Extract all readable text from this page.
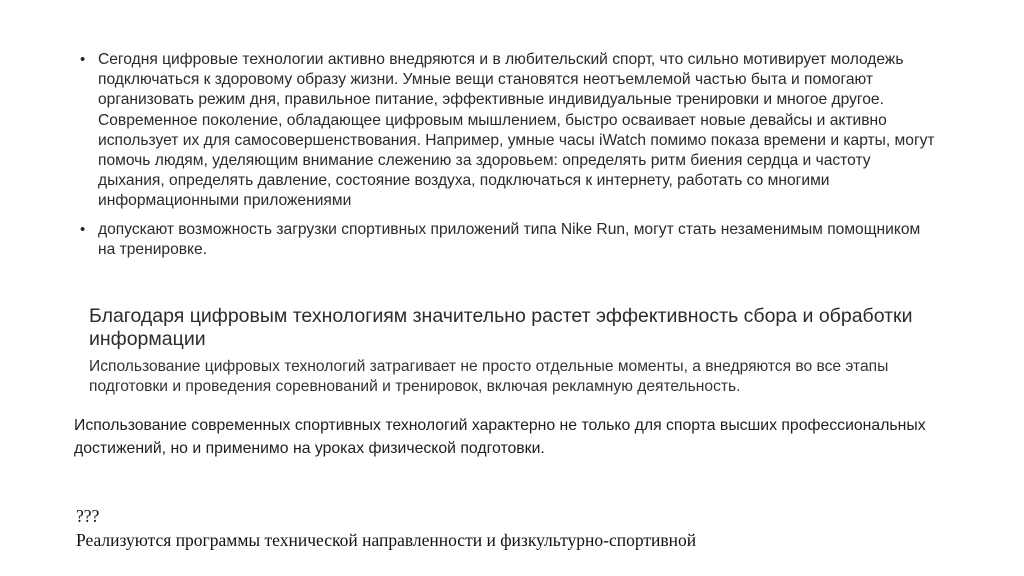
• Сегодня цифровые технологии активно внедряются и в любительский спорт, что сильно мотивирует молодежь подключаться к здоровому образу жизни. Умные вещи становятся неотъемлемой частью быта и помогают организовать режим дня, правильное питание, эффективные индивидуальные тренировки и многое другое. Современное поколение, обладающее цифровым мышлением, быстро осваивает новые девайсы и активно использует их для самосовершенствования. Например, умные часы iWatch помимо показа времени и карты, могут помочь людям, уделяющим внимание слежению за здоровьем: определять ритм биения сердца и частоту дыхания, определять давление, состояние воздуха, подключаться к интернету, работать со многими информационными приложениями
• допускают возможность загрузки спортивных приложений типа Nike Run, могут стать незаменимым помощником на тренировке.
Благодаря цифровым технологиям значительно растет эффективность сбора и обработки информации

Использование цифровых технологий затрагивает не просто отдельные моменты, а внедряются во все этапы подготовки и проведения соревнований и тренировок, включая рекламную деятельность.

Использование современных спортивных технологий характерно не только для спорта высших профессиональных достижений, но и применимо на уроках физической подготовки.

???

Реализуются программы технической направленности и физкультурно-спортивной
